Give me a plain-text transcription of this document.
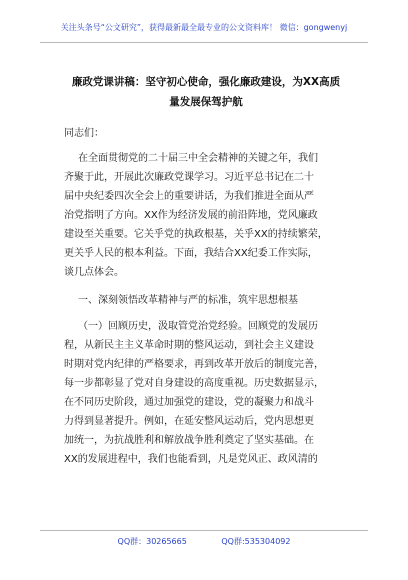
关注头条号“公文研究”，获得最新最全最专业的公文资料库！ 微信：gongwenyj
廉政党课讲稿：坚守初心使命，强化廉政建设，为XX高质
量发展保驾护航
同志们：
在全面贯彻党的二十届三中全会精神的关键之年，我们
齐聚于此，开展此次廉政党课学习。习近平总书记在二十
届中央纪委四次全会上的重要讲话，为我们推进全面从严
治党指明了方向。XX作为经济发展的前沿阵地，党风廉政
建设至关重要。它关乎党的执政根基，关乎XX的持续繁荣，
更关乎人民的根本利益。下面，我结合XX纪委工作实际，
谈几点体会。
一、深刻领悟改革精神与严的标准，筑牢思想根基
（一）回顾历史，汲取管党治党经验。回顾党的发展历
程，从新民主主义革命时期的整风运动，到社会主义建设
时期对党内纪律的严格要求，再到改革开放后的制度完善，
每一步都彰显了党对自身建设的高度重视。历史数据显示，
在不同历史阶段，通过加强党的建设，党的凝聚力和战斗
力得到显著提升。例如，在延安整风运动后，党内思想更
加统一，为抗战胜利和解放战争胜利奠定了坚实基础。在
XX的发展进程中，我们也能看到，凡是党风正、政风清的
QQ群：30265665	QQ群:535304092
